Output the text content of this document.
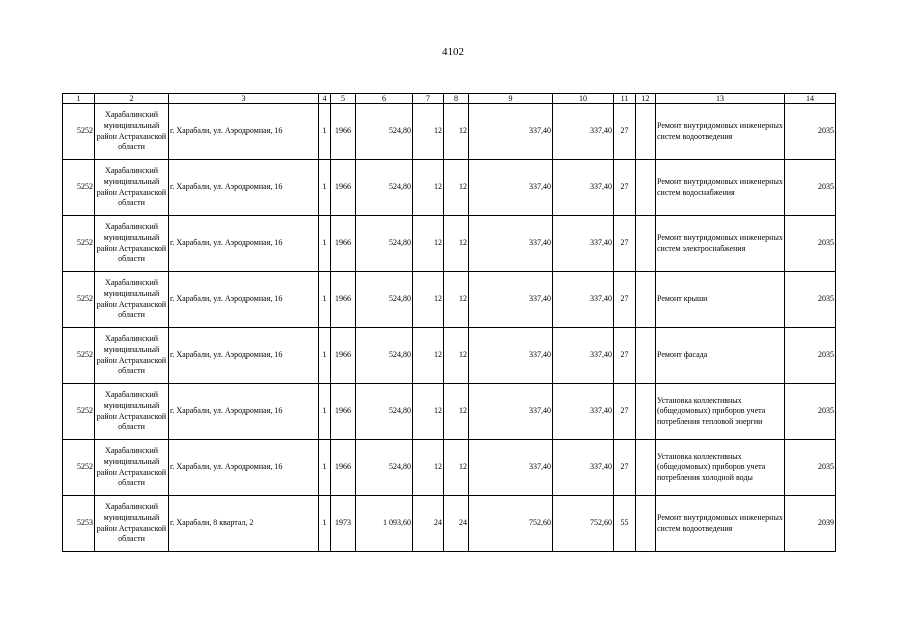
4102
1	2	3	4	5	6	7	8	9	10	11	12	13	14
5252	Харабалинский муниципальный район Астраханской области	г. Харабали, ул. Аэродромная, 16	1	1966	524,80	12	12	337,40	337,40	27		Ремонт внутридомовых инженерных систем водоотведения	2035
5252	Харабалинский муниципальный район Астраханской области	г. Харабали, ул. Аэродромная, 16	1	1966	524,80	12	12	337,40	337,40	27		Ремонт внутридомовых инженерных систем водоснабжения	2035
5252	Харабалинский муниципальный район Астраханской области	г. Харабали, ул. Аэродромная, 16	1	1966	524,80	12	12	337,40	337,40	27		Ремонт внутридомовых инженерных систем электроснабжения	2035
5252	Харабалинский муниципальный район Астраханской области	г. Харабали, ул. Аэродромная, 16	1	1966	524,80	12	12	337,40	337,40	27		Ремонт крыши	2035
5252	Харабалинский муниципальный район Астраханской области	г. Харабали, ул. Аэродромная, 16	1	1966	524,80	12	12	337,40	337,40	27		Ремонт фасада	2035
5252	Харабалинский муниципальный район Астраханской области	г. Харабали, ул. Аэродромная, 16	1	1966	524,80	12	12	337,40	337,40	27		Установка коллективных (общедомовых) приборов учета потребления тепловой энергии	2035
5252	Харабалинский муниципальный район Астраханской области	г. Харабали, ул. Аэродромная, 16	1	1966	524,80	12	12	337,40	337,40	27		Установка коллективных (общедомовых) приборов учета потребления холодной воды	2035
5253	Харабалинский муниципальный район Астраханской области	г. Харабали, 8 квартал, 2	1	1973	1 093,60	24	24	752,60	752,60	55		Ремонт внутридомовых инженерных систем водоотведения	2039
